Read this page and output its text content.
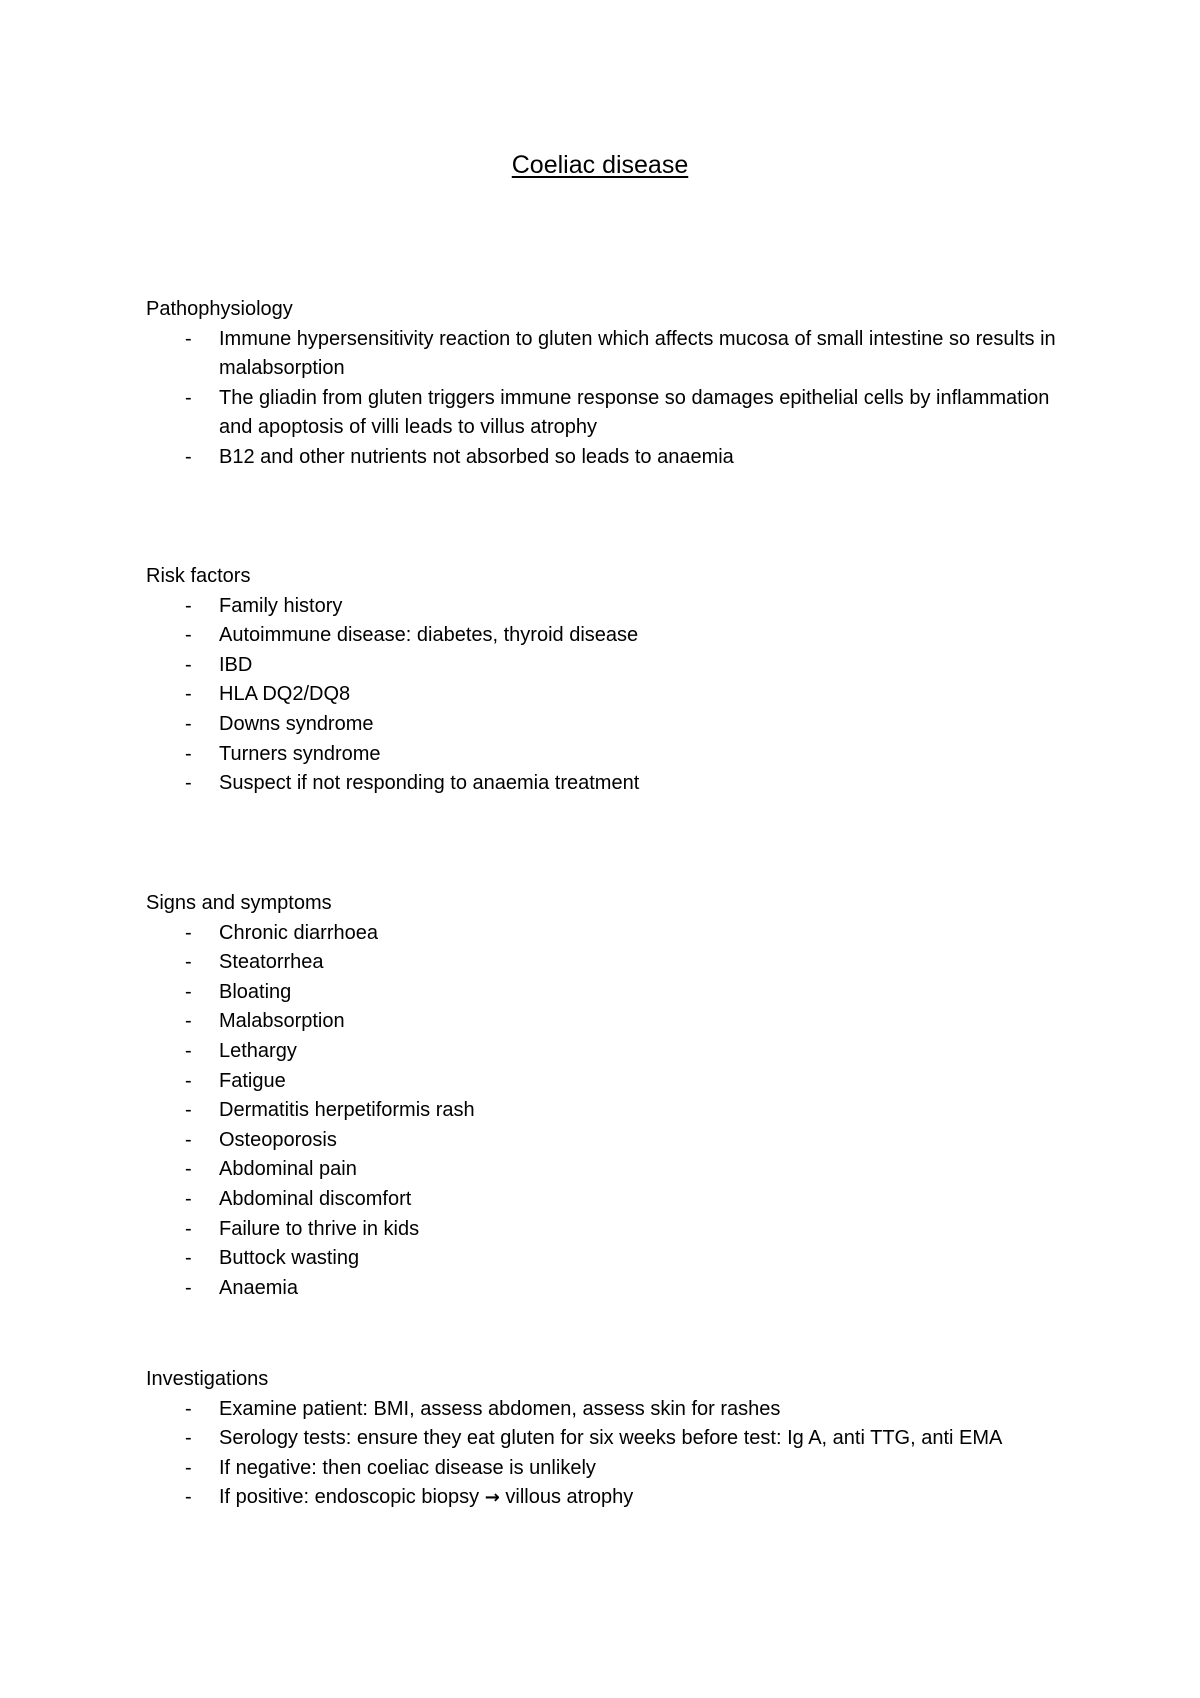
Coeliac disease
Pathophysiology
- Immune hypersensitivity reaction to gluten which affects mucosa of small intestine so results in malabsorption
- The gliadin from gluten triggers immune response so damages epithelial cells by inflammation and apoptosis of villi leads to villus atrophy
- B12 and other nutrients not absorbed so leads to anaemia
Risk factors
- Family history
- Autoimmune disease: diabetes, thyroid disease
- IBD
- HLA DQ2/DQ8
- Downs syndrome
- Turners syndrome
- Suspect if not responding to anaemia treatment
Signs and symptoms
- Chronic diarrhoea
- Steatorrhea
- Bloating
- Malabsorption
- Lethargy
- Fatigue
- Dermatitis herpetiformis rash
- Osteoporosis
- Abdominal pain
- Abdominal discomfort
- Failure to thrive in kids
- Buttock wasting
- Anaemia
Investigations
- Examine patient: BMI, assess abdomen, assess skin for rashes
- Serology tests: ensure they eat gluten for six weeks before test: Ig A, anti TTG, anti EMA
- If negative: then coeliac disease is unlikely
- If positive: endoscopic biopsy → villous atrophy
